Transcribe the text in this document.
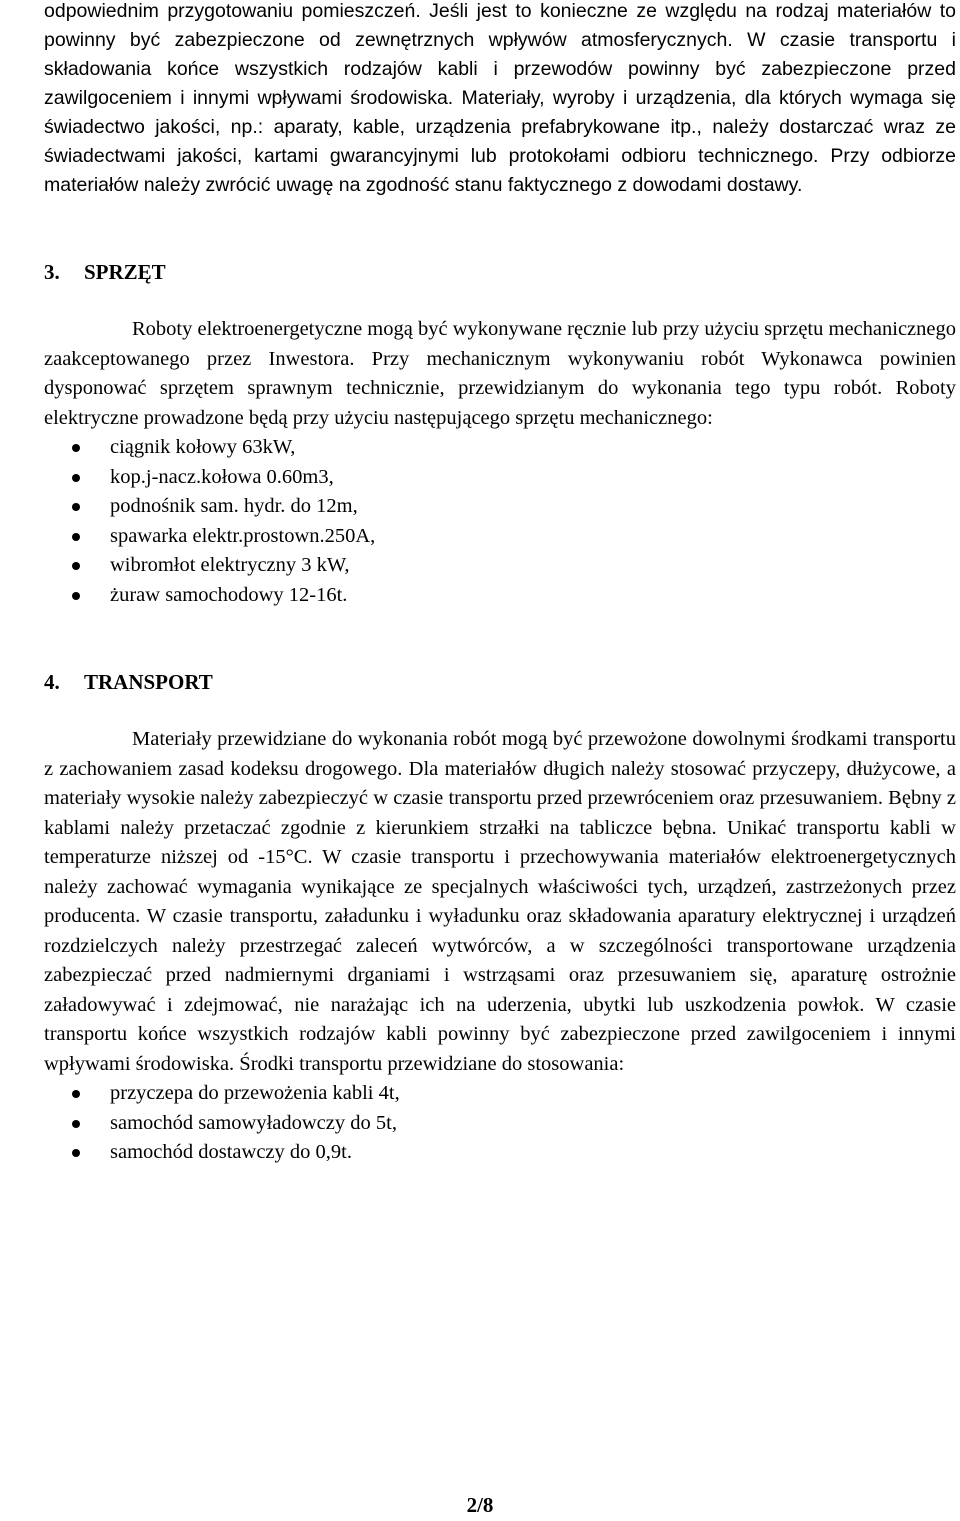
odpowiednim przygotowaniu pomieszczeń. Jeśli jest to konieczne ze względu na rodzaj materiałów to powinny być zabezpieczone od zewnętrznych wpływów atmosferycznych. W czasie transportu i składowania końce wszystkich rodzajów kabli i przewodów powinny być zabezpieczone przed zawilgoceniem i innymi wpływami środowiska. Materiały, wyroby i urządzenia, dla których wymaga się świadectwo jakości, np.: aparaty, kable, urządzenia prefabrykowane itp., należy dostarczać wraz ze świadectwami jakości, kartami gwarancyjnymi lub protokołami odbioru technicznego. Przy odbiorze materiałów należy zwrócić uwagę na zgodność stanu faktycznego z dowodami dostawy.

3. SPRZĘT

Roboty elektroenergetyczne mogą być wykonywane ręcznie lub przy użyciu sprzętu mechanicznego zaakceptowanego przez Inwestora. Przy mechanicznym wykonywaniu robót Wykonawca powinien dysponować sprzętem sprawnym technicznie, przewidzianym do wykonania tego typu robót. Roboty elektryczne prowadzone będą przy użyciu następującego sprzętu mechanicznego:

ciągnik kołowy 63kW,
kop.j-nacz.kołowa 0.60m3,
podnośnik sam. hydr. do 12m,
spawarka elektr.prostown.250A,
wibromłot elektryczny 3 kW,
żuraw samochodowy 12-16t.
4. TRANSPORT

Materiały przewidziane do wykonania robót mogą być przewożone dowolnymi środkami transportu z zachowaniem zasad kodeksu drogowego. Dla materiałów długich należy stosować przyczepy, dłużycowe, a materiały wysokie należy zabezpieczyć w czasie transportu przed przewróceniem oraz przesuwaniem. Bębny z kablami należy przetaczać zgodnie z kierunkiem strzałki na tabliczce bębna. Unikać transportu kabli w temperaturze niższej od -15°C. W czasie transportu i przechowywania materiałów elektroenergetycznych należy zachować wymagania wynikające ze specjalnych właściwości tych, urządzeń, zastrzeżonych przez producenta. W czasie transportu, załadunku i wyładunku oraz składowania aparatury elektrycznej i urządzeń rozdzielczych należy przestrzegać zaleceń wytwórców, a w szczególności transportowane urządzenia zabezpieczać przed nadmiernymi drganiami i wstrząsami oraz przesuwaniem się, aparaturę ostrożnie załadowywać i zdejmować, nie narażając ich na uderzenia, ubytki lub uszkodzenia powłok. W czasie transportu końce wszystkich rodzajów kabli powinny być zabezpieczone przed zawilgoceniem i innymi wpływami środowiska. Środki transportu przewidziane do stosowania:

przyczepa do przewożenia kabli 4t,
samochód samowyładowczy do 5t,
samochód dostawczy do 0,9t.
2/8
